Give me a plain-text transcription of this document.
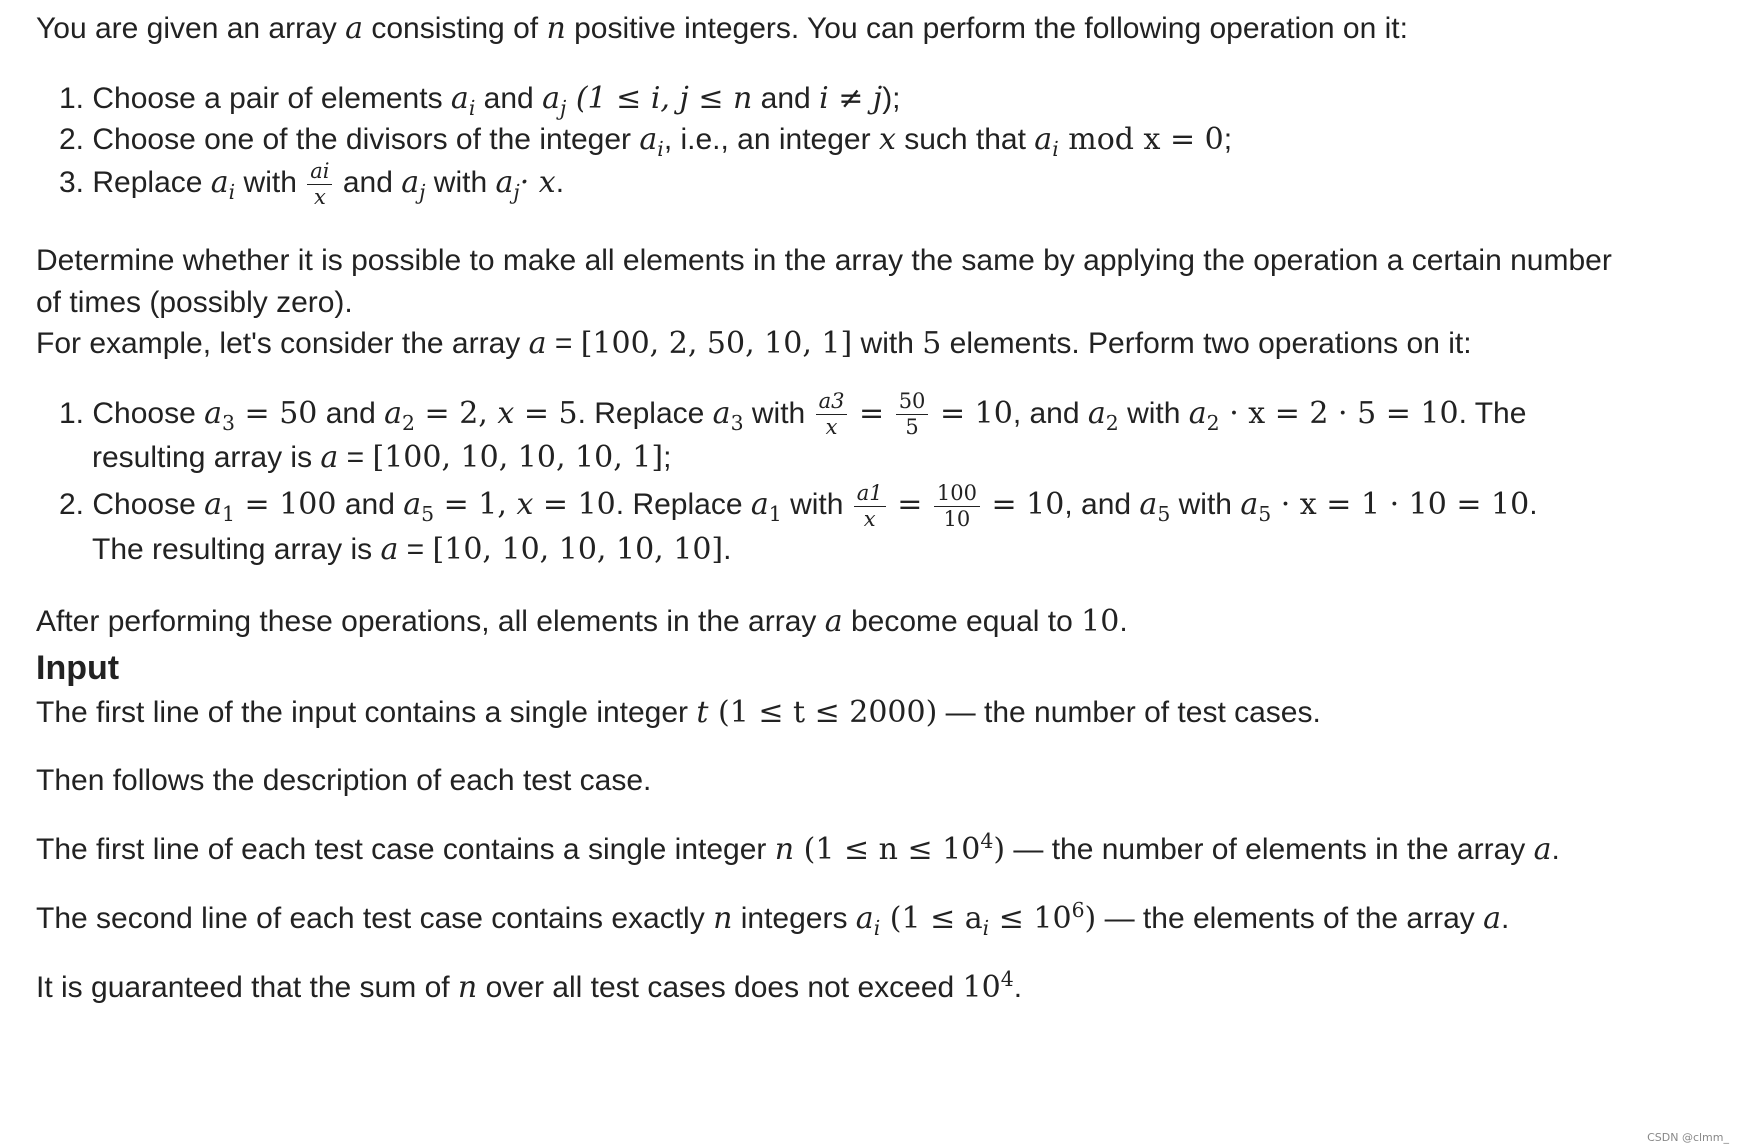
You are given an array a consisting of n positive integers. You can perform the following operation on it:

1. Choose a pair of elements $a_i$ and $a_j$ (1 ≤ i, j ≤ n and i ≠ j);

2. Choose one of the divisors of the integer $a_i$, i.e., an integer x such that $a_i$ mod x = 0;

3. Replace $a_i$ with $\frac{ai}{x}$ and $a_j$ with $a_j\cdot x$.

Determine whether it is possible to make all elements in the array the same by applying the operation a certain number

of times (possibly zero).

For example, let's consider the array a = [100, 2, 50, 10, 1] with 5 elements. Perform two operations on it:

1. Choose $a_3 = 50$ and $a_2 = 2$, x = 5. Replace $a_3$ with $\frac{a3}{x} = \frac{50}{5} = 10$, and $a_2$ with $a_2 \cdot x = 2 \cdot 5 = 10$. The

resulting array is a = [100, 10, 10, 10, 1];

2. Choose $a_1 = 100$ and $a_5 = 1$, x = 10. Replace $a_1$ with $\frac{a1}{x} = \frac{100}{10} = 10$, and $a_5$ with $a_5 \cdot x = 1 \cdot 10 = 10$.

The resulting array is a = [10, 10, 10, 10, 10].

After performing these operations, all elements in the array a become equal to 10.

Input

The first line of the input contains a single integer t (1 ≤ t ≤ 2000) — the number of test cases.

Then follows the description of each test case.

The first line of each test case contains a single integer n $(1 \le n \le 10^4)$ — the number of elements in the array a.

The second line of each test case contains exactly n integers $a_i$ $(1 \le a_i \le 10^6)$ — the elements of the array a.

It is guaranteed that the sum of n over all test cases does not exceed $10^4$.

CSDN @clmm_
